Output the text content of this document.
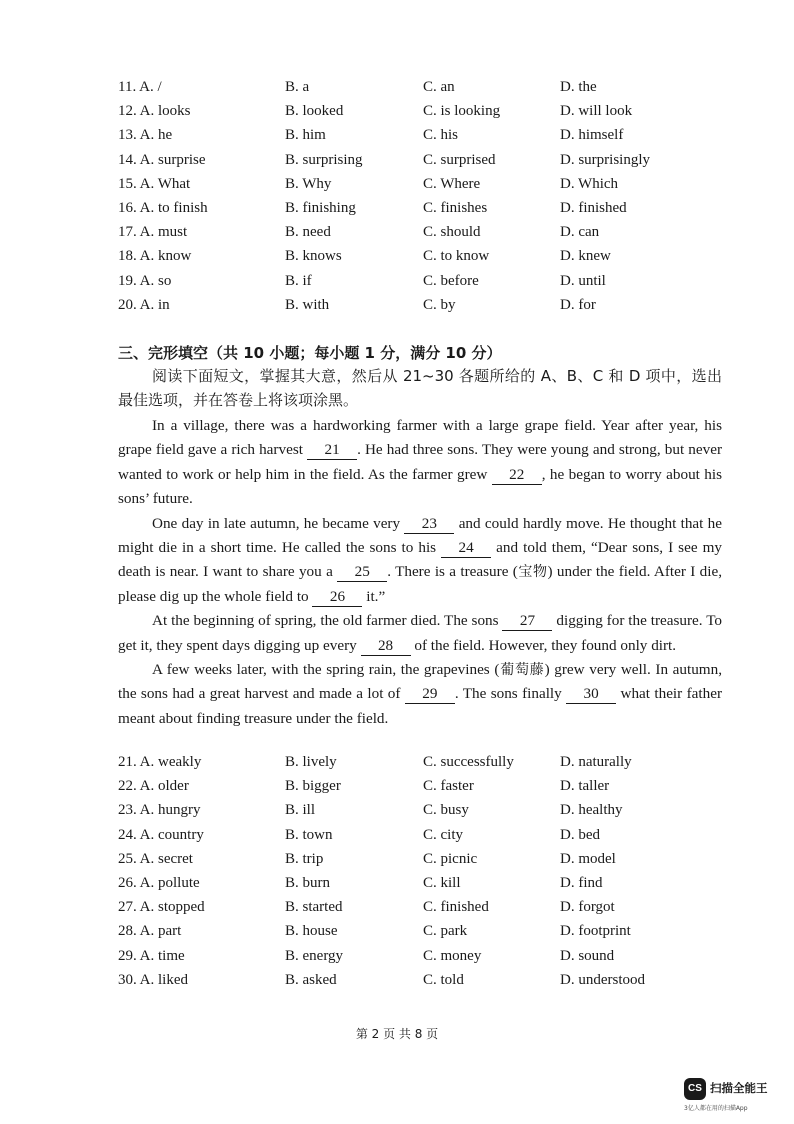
11. A. /	B. a	C. an	D. the
12. A. looks	B. looked	C. is looking	D. will look
13. A. he	B. him	C. his	D. himself
14. A. surprise	B. surprising	C. surprised	D. surprisingly
15. A. What	B. Why	C. Where	D. Which
16. A. to finish	B. finishing	C. finishes	D. finished
17. A. must	B. need	C. should	D. can
18. A. know	B. knows	C. to know	D. knew
19. A. so	B. if	C. before	D. until
20. A. in	B. with	C. by	D. for
三、完形填空（共 10 小题；每小题 1 分，满分 10 分）
阅读下面短文，掌握其大意，然后从 21~30 各题所给的 A、B、C 和 D 项中，选出最佳选项，并在答卷上将该项涂黑。

In a village, there was a hardworking farmer with a large grape field. Year after year, his grape field gave a rich harvest 21 . He had three sons. They were young and strong, but never wanted to work or help him in the field. As the farmer grew 22 , he began to worry about his sons’ future.

One day in late autumn, he became very 23 and could hardly move. He thought that he might die in a short time. He called the sons to his 24 and told them, “Dear sons, I see my death is near. I want to share you a 25 . There is a treasure (宝物) under the field. After I die, please dig up the whole field to 26 it.”

At the beginning of spring, the old farmer died. The sons 27 digging for the treasure. To get it, they spent days digging up every 28 of the field. However, they found only dirt.

A few weeks later, with the spring rain, the grapevines (葡萄藤) grew very well. In autumn, the sons had a great harvest and made a lot of 29 . The sons finally 30 what their father meant about finding treasure under the field.

21. A. weakly	B. lively	C. successfully	D. naturally
22. A. older	B. bigger	C. faster	D. taller
23. A. hungry	B. ill	C. busy	D. healthy
24. A. country	B. town	C. city	D. bed
25. A. secret	B. trip	C. picnic	D. model
26. A. pollute	B. burn	C. kill	D. find
27. A. stopped	B. started	C. finished	D. forgot
28. A. part	B. house	C. park	D. footprint
29. A. time	B. energy	C. money	D. sound
30. A. liked	B. asked	C. told	D. understood
第 2 页 共 8 页
CS 扫描全能王
3亿人都在用的扫描App
